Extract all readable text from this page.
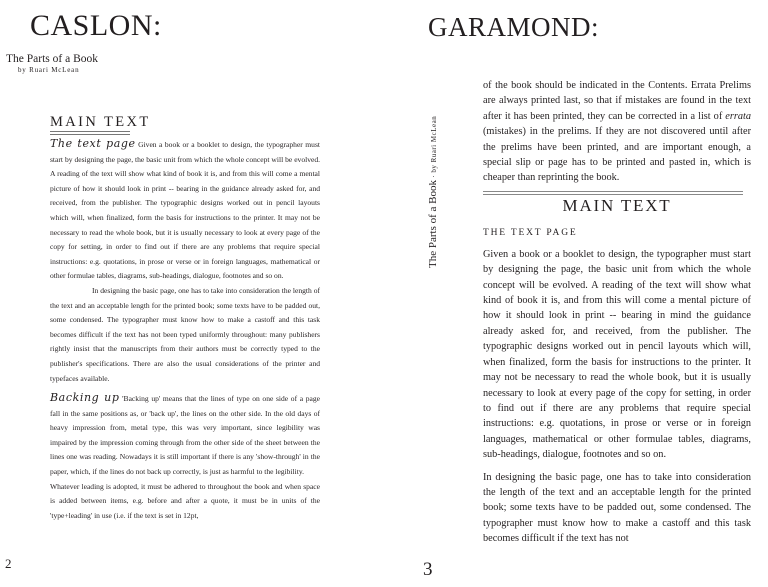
CASLON:
The Parts of a Book
by Ruari McLean
MAIN TEXT

The text page Given a book or a booklet to design, the typographer must start by designing the page, the basic unit from which the whole concept will be evolved. A reading of the text will show what kind of book it is, and from this will come a mental picture of how it should look in print -- bearing in the guidance already asked for, and received, from the publisher. The typographic designs worked out in pencil layouts which will, when finalized, form the basis for instructions to the printer. It may not be necessary to read the whole book, but it is usually necessary to look at every page of the copy for setting, in order to find out if there are any problems that require special instructions: e.g. quotations, in prose or verse or in foreign languages, mathematical or other formulae tables, diagrams, sub-headings, dialogue, footnotes and so on.

In designing the basic page, one has to take into consideration the length of the text and an acceptable length for the printed book; some texts have to be padded out, some condensed. The typographer must know how to make a castoff and this task becomes difficult if the text has not been typed uniformly throughout: many publishers rightly insist that the manuscripts from their authors must be correctly typed to the publisher's specifications. There are also the usual considerations of the printer and typefaces available.

Backing up 'Backing up' means that the lines of type on one side of a page fall in the same positions as, or 'back up', the lines on the other side. In the old days of heavy impression from, metal type, this was very important, since legibility was impaired by the impression coming through from the other side of the sheet between the lines one was reading. Nowadays it is still important if there is any 'show-through' in the paper, which, if the lines do not back up correctly, is just as harmful to the legibility.

Whatever leading is adopted, it must be adhered to throughout the book and when space is added between items, e.g. before and after a quote, it must be in units of the 'type+leading' in use (i.e. if the text is set in 12pt,

2
GARAMOND:
The Parts of a Book · by Ruari McLean

of the book should be indicated in the Contents. Errata Prelims are always printed last, so that if mistakes are found in the text after it has been printed, they can be corrected in a list of errata (mistakes) in the prelims. If they are not discovered until after the prelims have been printed, and are important enough, a special slip or page has to be printed and pasted in, which is cheaper than reprinting the book.

MAIN TEXT
THE TEXT PAGE

Given a book or a booklet to design, the typographer must start by designing the page, the basic unit from which the whole concept will be evolved. A reading of the text will show what kind of book it is, and from this will come a mental picture of how it should look in print -- bearing in mind the guidance already asked for, and received, from the publisher. The typographic designs worked out in pencil layouts which will, when finalized, form the basis for instructions to the printer. It may not be necessary to read the whole book, but it is usually necessary to look at every page of the copy for setting, in order to find out if there are any problems that require special instructions: e.g. quotations, in prose or verse or in foreign languages, mathematical or other formulae tables, diagrams, sub-headings, dialogue, footnotes and so on.

In designing the basic page, one has to take into consideration the length of the text and an acceptable length for the printed book; some texts have to be padded out, some condensed. The typographer must know how to make a castoff and this task becomes difficult if the text has not

3
